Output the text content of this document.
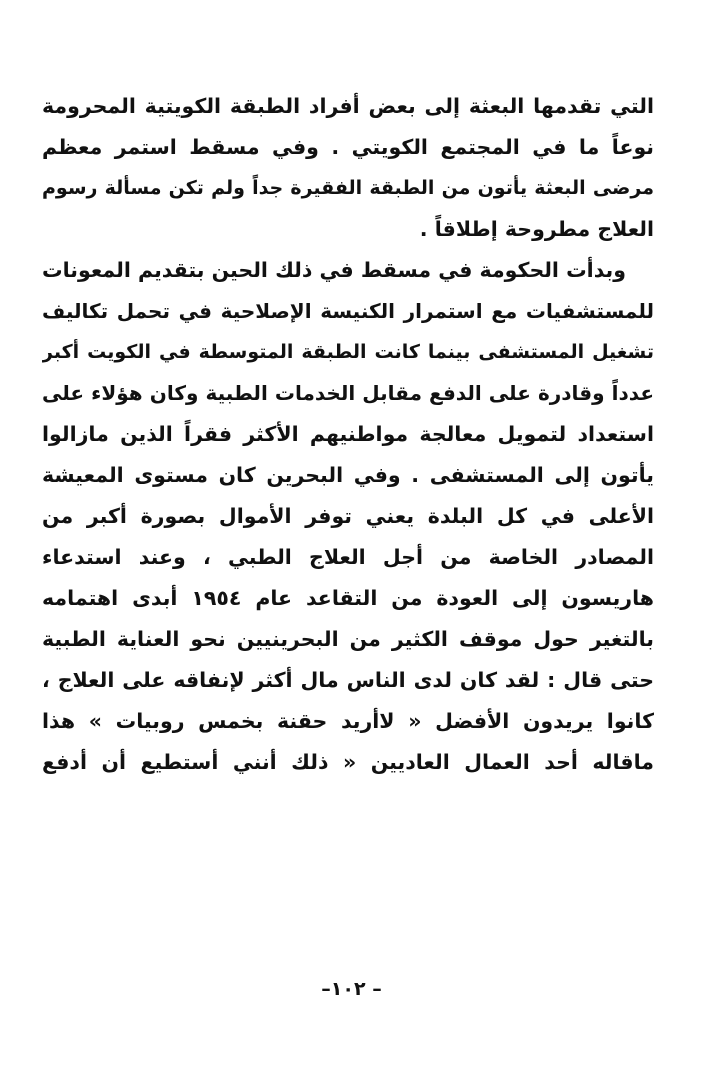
التي تقدمها البعثة إلى بعض أفراد الطبقة الكويتية المحرومة
نوعاً ما في المجتمع الكويتي . وفي مسقط استمر معظم
مرضى البعثة يأتون من الطبقة الفقيرة جداً ولم تكن مسألة رسوم
العلاج مطروحة إطلاقاً .
وبدأت الحكومة في مسقط في ذلك الحين بتقديم المعونات
للمستشفيات مع استمرار الكنيسة الإصلاحية في تحمل تكاليف
تشغيل المستشفى بينما كانت الطبقة المتوسطة في الكويت أكبر
عدداً وقادرة على الدفع مقابل الخدمات الطبية وكان هؤلاء على
استعداد لتمويل معالجة مواطنيهم الأكثر فقراً الذين مازالوا
يأتون إلى المستشفى . وفي البحرين كان مستوى المعيشة
الأعلى في كل البلدة يعني توفر الأموال بصورة أكبر من
المصادر الخاصة من أجل العلاج الطبي ، وعند استدعاء
هاريسون إلى العودة من التقاعد عام ١٩٥٤ أبدى اهتمامه
بالتغير حول موقف الكثير من البحرينيين نحو العناية الطبية
حتى قال : لقد كان لدى الناس مال أكثر لإنفاقه على العلاج ،
كانوا يريدون الأفضل « لاأريد حقنة بخمس روبيات » هذا
ماقاله أحد العمال العاديين « ذلك أنني أستطيع أن أدفع
– ١٠٢–
